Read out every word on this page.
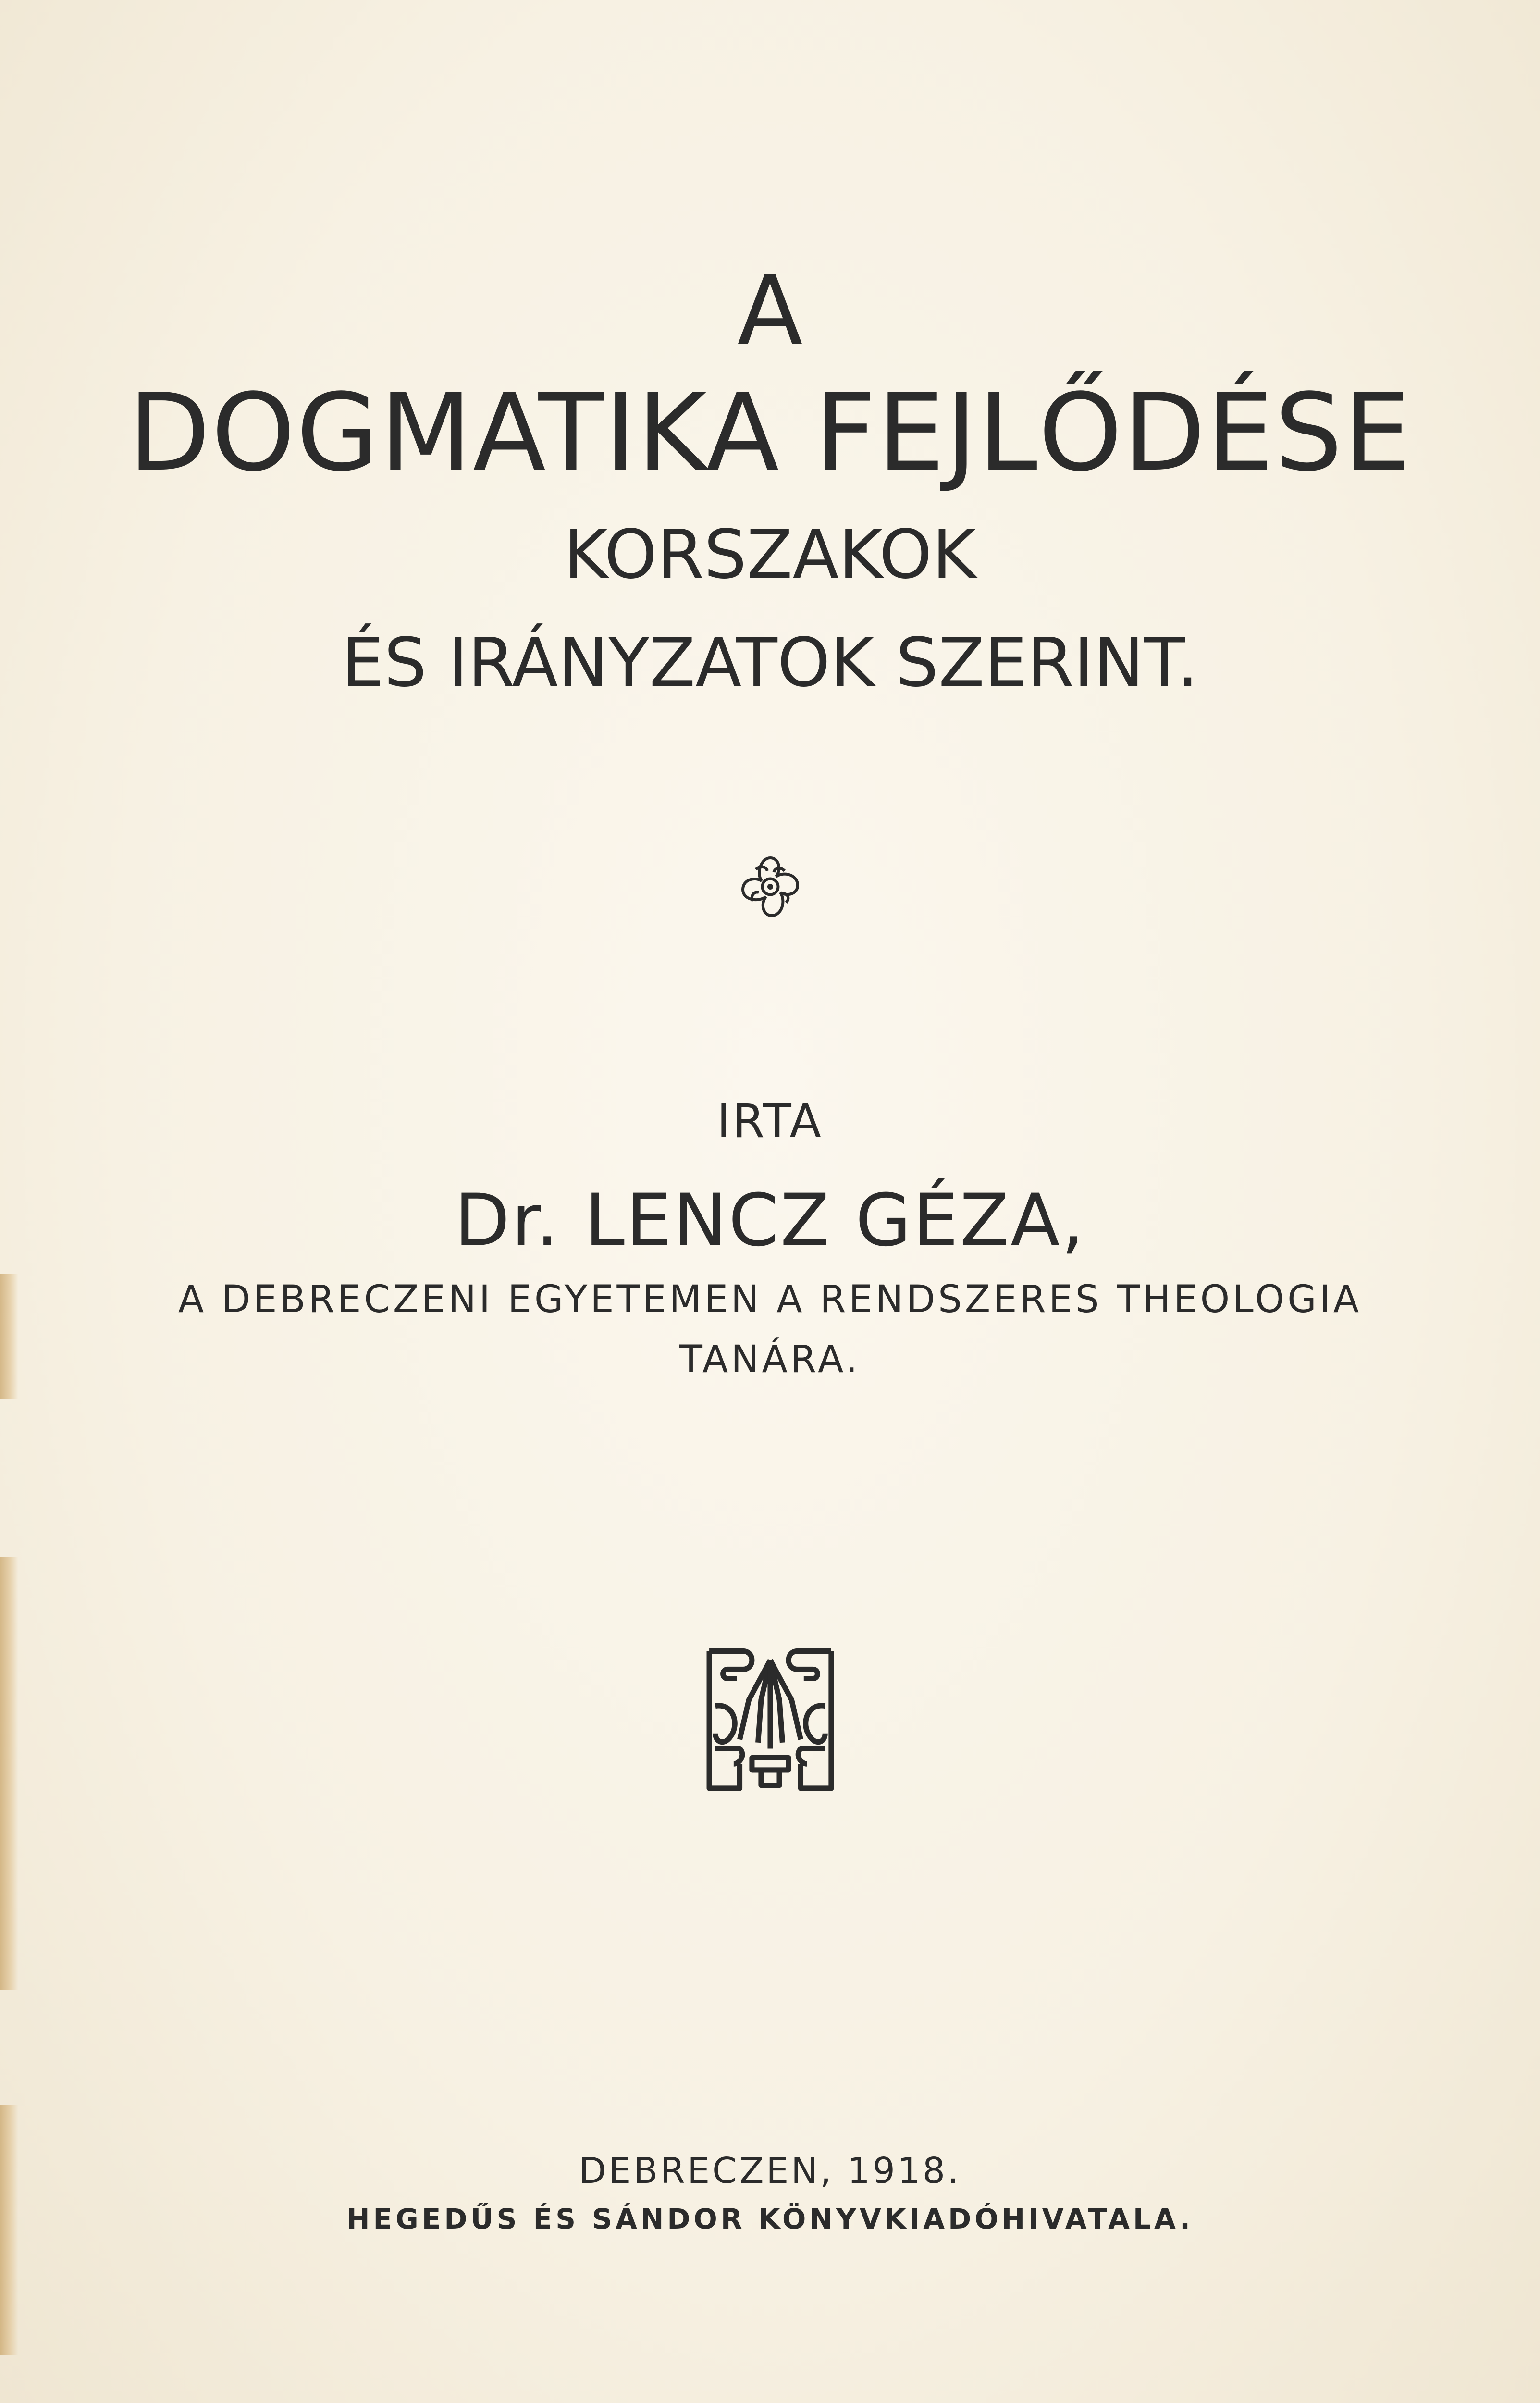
A
DOGMATIKA FEJLŐDÉSE
KORSZAKOK
ÉS IRÁNYZATOK SZERINT.
IRTA
Dr. LENCZ GÉZA,
A DEBRECZENI EGYETEMEN A RENDSZERES THEOLOGIA
TANÁRA.
DEBRECZEN, 1918.
HEGEDŰS ÉS SÁNDOR KÖNYVKIADÓHIVATALA.
